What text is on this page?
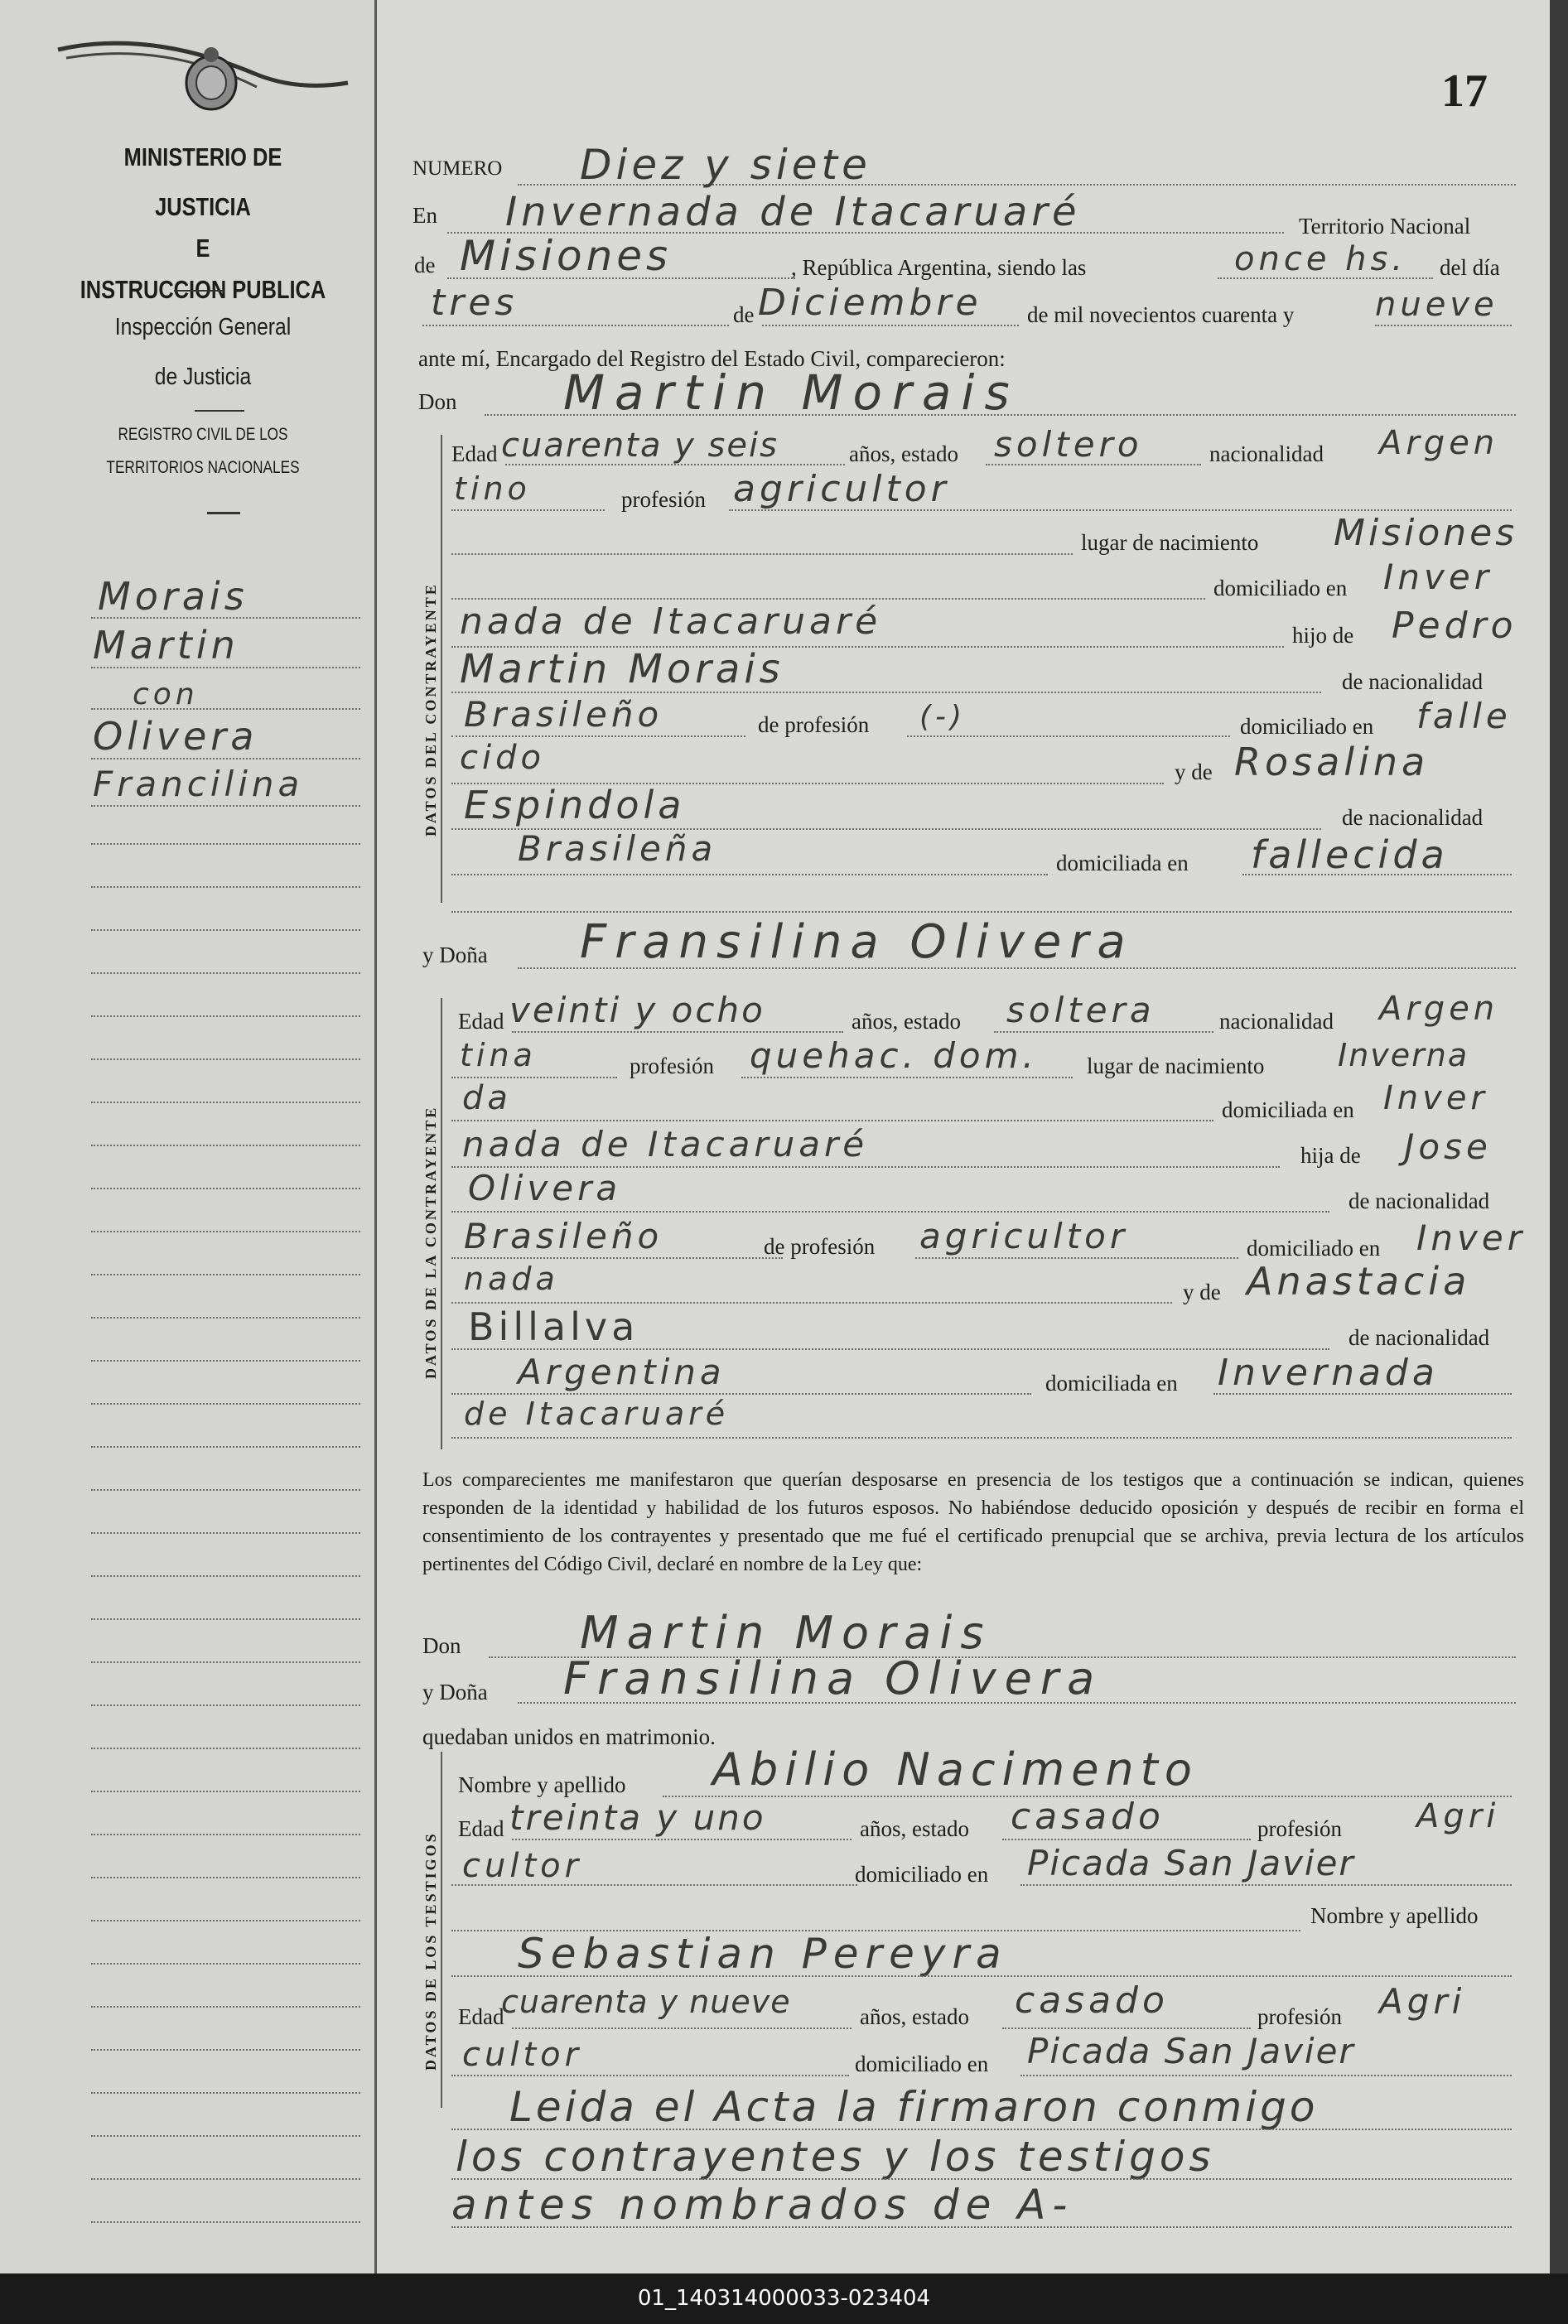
MINISTERIO DE JUSTICIA
E
INSTRUCCION PUBLICA
Inspección General
de Justicia
REGISTRO CIVIL DE LOS
TERRITORIOS NACIONALES
Morais
Martin
con
Olivera
Francilina
17
NUMERO Diez y siete
En Invernada de Itacaruaré	Territorio Nacional
de Misiones	, República Argentina, siendo las	once hs. del día
tres	de Diciembre de mil novecientos cuarenta y nueve
ante mí, Encargado del Registro del Estado Civil, comparecieron:
Don Martin Morais
DATOS DEL CONTRAYENTE
Edad cuarenta y seis	años, estado soltero	nacionalidad Argen
tino	profesión agricultor
lugar de nacimiento Misiones
domiciliado en Inver
nada de Itacaruaré	hijo de Pedro
Martin Morais	de nacionalidad
Brasileño	de profesión (-)	domiciliado en falle
cido	y de Rosalina
Espindola	de nacionalidad
Brasileña	domiciliada en fallecida
y Doña Fransilina Olivera
DATOS DE LA CONTRAYENTE
Edad veinti y ocho	años, estado soltera	nacionalidad Argen
tina	profesión quehac. dom. lugar de nacimiento Inverna
da	domiciliada en Inver
nada de Itacaruaré	hija de Jose
Olivera	de nacionalidad
Brasileño	de profesión agricultor	domiciliado en Inver
nada	y de Anastacia
Billalva	de nacionalidad
Argentina	domiciliada en Invernada
de Itacaruaré
Los comparecientes me manifestaron que querían desposarse en presencia de los testigos que a continuación se indican, quienes responden de la identidad y habilidad de los futuros esposos. No habiéndose deducido oposición y después de recibir en forma el consentimiento de los contrayentes y presentado que me fué el certificado prenupcial que se archiva, previa lectura de los artículos pertinentes del Código Civil, declaré en nombre de la Ley que:
Don	Martin Morais
y Doña Fransilina Olivera
quedaban unidos en matrimonio.
DATOS DE LOS TESTIGOS
Nombre y apellido Abilio Nacimento
Edad treinta y uno	años, estado casado	profesión Agri
cultor	domiciliado en Picada San Javier
Nombre y apellido
Sebastian Pereyra
Edad
cuarenta y nueve	años, estado casado	profesión Agri
cultor	domiciliado en Picada San Javier
Leida el Acta la firmaron conmigo
los contrayentes y los testigos
antes nombrados de A-
01_140314000033-023404
